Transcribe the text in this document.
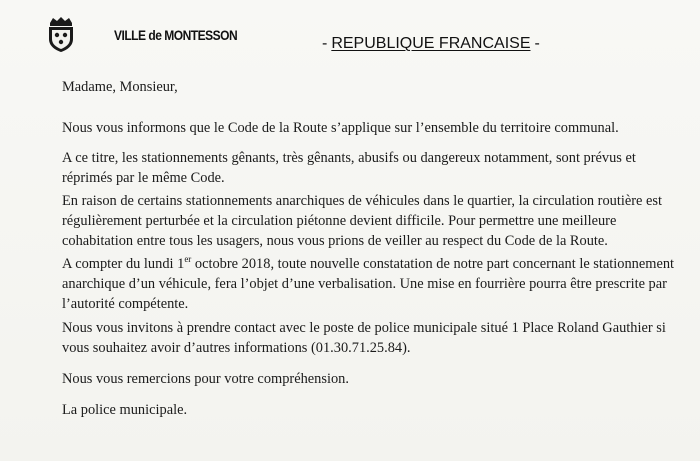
VILLE de MONTESSON	- REPUBLIQUE FRANCAISE -

Madame, Monsieur,

Nous vous informons que le Code de la Route s’applique sur l’ensemble du territoire communal.

A ce titre, les stationnements gênants, très gênants, abusifs ou dangereux notamment, sont prévus et
réprimés par le même Code.
En raison de certains stationnements anarchiques de véhicules dans le quartier, la circulation routière est
régulièrement perturbée et la circulation piétonne devient difficile. Pour permettre une meilleure
cohabitation entre tous les usagers, nous vous prions de veiller au respect du Code de la Route.
A compter du lundi 1er octobre 2018, toute nouvelle constatation de notre part concernant le stationnement
anarchique d’un véhicule, fera l’objet d’une verbalisation. Une mise en fourrière pourra être prescrite par
l’autorité compétente.
Nous vous invitons à prendre contact avec le poste de police municipale situé 1 Place Roland Gauthier si
vous souhaitez avoir d’autres informations (01.30.71.25.84).

Nous vous remercions pour votre compréhension.

La police municipale.
